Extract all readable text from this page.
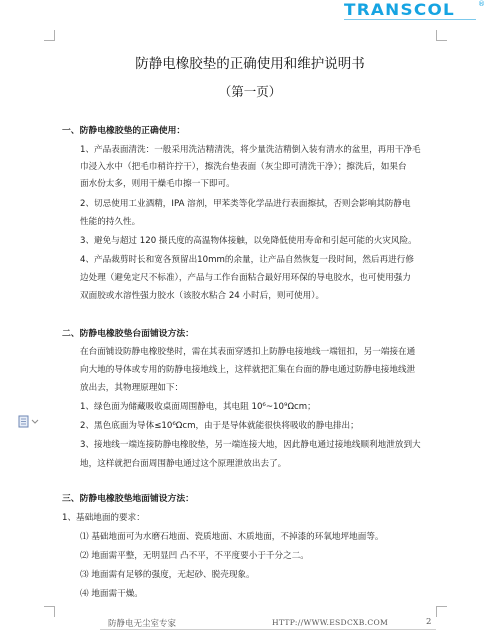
TRANSCOL	®
防静电橡胶垫的正确使用和维护说明书
（第一页）
一、防静电橡胶垫的正确使用：
1、产品表面清洗：一般采用洗洁精清洗，将少量洗洁精倒入装有清水的盆里，再用干净毛
巾浸入水中（把毛巾稍许拧干），擦洗台垫表面（灰尘即可清洗干净）；擦洗后，如果台
面水份太多，则用干燥毛巾擦一下即可。
2、切忌使用工业酒精，IPA 溶剂，甲苯类等化学品进行表面擦拭，否则会影响其防静电
性能的持久性。
3、避免与超过 120 摄氏度的高温物体接触，以免降低使用寿命和引起可能的火灾风险。
4、产品裁剪时长和宽各预留出10mm的余量，让产品自然恢复一段时间，然后再进行修
边处理（避免定尺不标准），产品与工作台面粘合最好用环保的导电胶水，也可使用强力
双面胶或水溶性强力胶水（该胶水粘合 24 小时后，则可使用）。
二、防静电橡胶垫台面铺设方法：
在台面铺设防静电橡胶垫时，需在其表面穿透扣上防静电接地线一端钮扣，另一端接在通
向大地的导体或专用的防静电接地线上，这样就把汇集在台面的静电通过防静电接地线泄
放出去，其物理原理如下：
1、绿色面为储藏吸收桌面周围静电，其电阻 10⁶~10⁹Ωcm；
2、黑色底面为导体≤10⁶Ωcm，由于是导体就能很快将吸收的静电排出；
3、接地线一端连接防静电橡胶垫，另一端连接大地，因此静电通过接地线顺利地泄放到大
地，这样就把台面周围静电通过这个原理泄放出去了。
三、防静电橡胶垫地面铺设方法：
1、基础地面的要求：
⑴ 基础地面可为水磨石地面、瓷质地面、木质地面，不掉漆的环氧地坪地面等。
⑵ 地面需平整，无明显凹 凸不平，不平度要小于千分之二。
⑶ 地面需有足够的强度，无起砂、脱壳现象。
⑷ 地面需干燥。
防静电无尘室专家	HTTP://WWW.ESDCXB.COM	2
